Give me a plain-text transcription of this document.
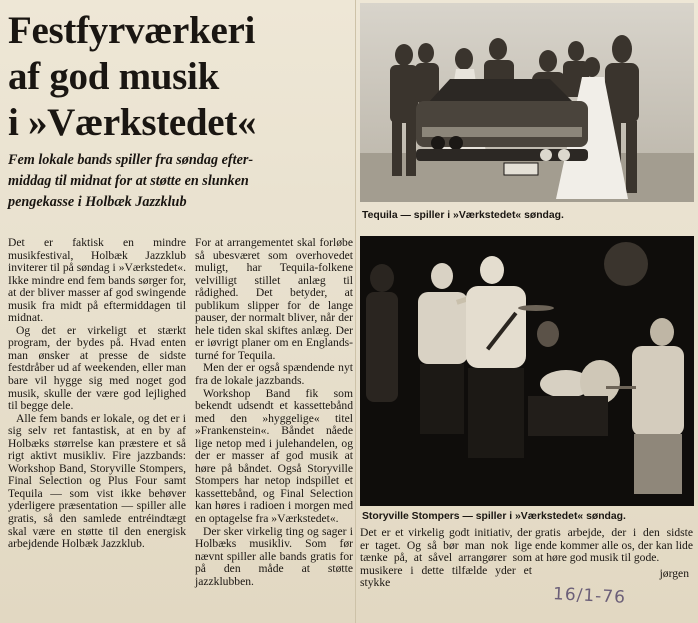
Festfyrværkeri
af god musik
i »Værkstedet«
Fem lokale bands spiller fra søndag efter-
middag til midnat for at støtte en slunken
pengekasse i Holbæk Jazzklub

Det er faktisk en mindre musikfestival, Holbæk Jazzklub inviterer til på søndag i »Værkstedet«. Ikke mindre end fem bands sørger for, at der bliver masser af god swingende musik fra midt på eftermiddagen til midnat.

Og det er virkeligt et stærkt program, der bydes på. Hvad enten man ønsker at presse de sidste festdråber ud af weekenden, eller man bare vil hygge sig med noget god musik, skulle der være god lejlighed til begge dele.

Alle fem bands er lokale, og det er i sig selv ret fantastisk, at en by af Holbæks størrelse kan præstere et så rigt aktivt musikliv. Fire jazzbands: Workshop Band, Storyville Stompers, Final Selection og Plus Four samt Tequila — som vist ikke behøver yderligere præsentation — spiller alle gratis, så den samlede entréindtægt skal være en støtte til den energisk arbejdende Holbæk Jazzklub.

For at arrangementet skal forløbe så ubesværet som overhovedet muligt, har Tequila-folkene velvilligt stillet anlæg til rådighed. Det betyder, at publikum slipper for de lange pauser, der normalt bliver, når der hele tiden skal skiftes anlæg. Der er iøvrigt planer om en Englands-turné for Tequila.

Men der er også spændende nyt fra de lokale jazzbands.

Workshop Band fik som bekendt udsendt et kassettebånd med den »hyggelige« titel »Frankenstein«. Båndet nåede lige netop med i julehandelen, og der er masser af god musik at høre på båndet. Også Storyville Stompers har netop indspillet et kassettebånd, og Final Selection kan høres i radioen i morgen med en optagelse fra »Værkstedet«.

Der sker virkelig ting og sager i Holbæks musikliv. Som før nævnt spiller alle bands gratis for på den måde at støtte jazzklubben.

Tequila — spiller i »Værkstedet« søndag.
Storyville Stompers — spiller i »Værkstedet« søndag.

Det er et virkelig godt initiativ, der er taget. Og så bør man nok lige tænke på, at såvel arrangører som musikere i dette tilfælde yder et stykke

gratis arbejde, der i den sidste ende kommer alle os, der kan lide at høre god musik til gode.

jørgen
16/1-76
